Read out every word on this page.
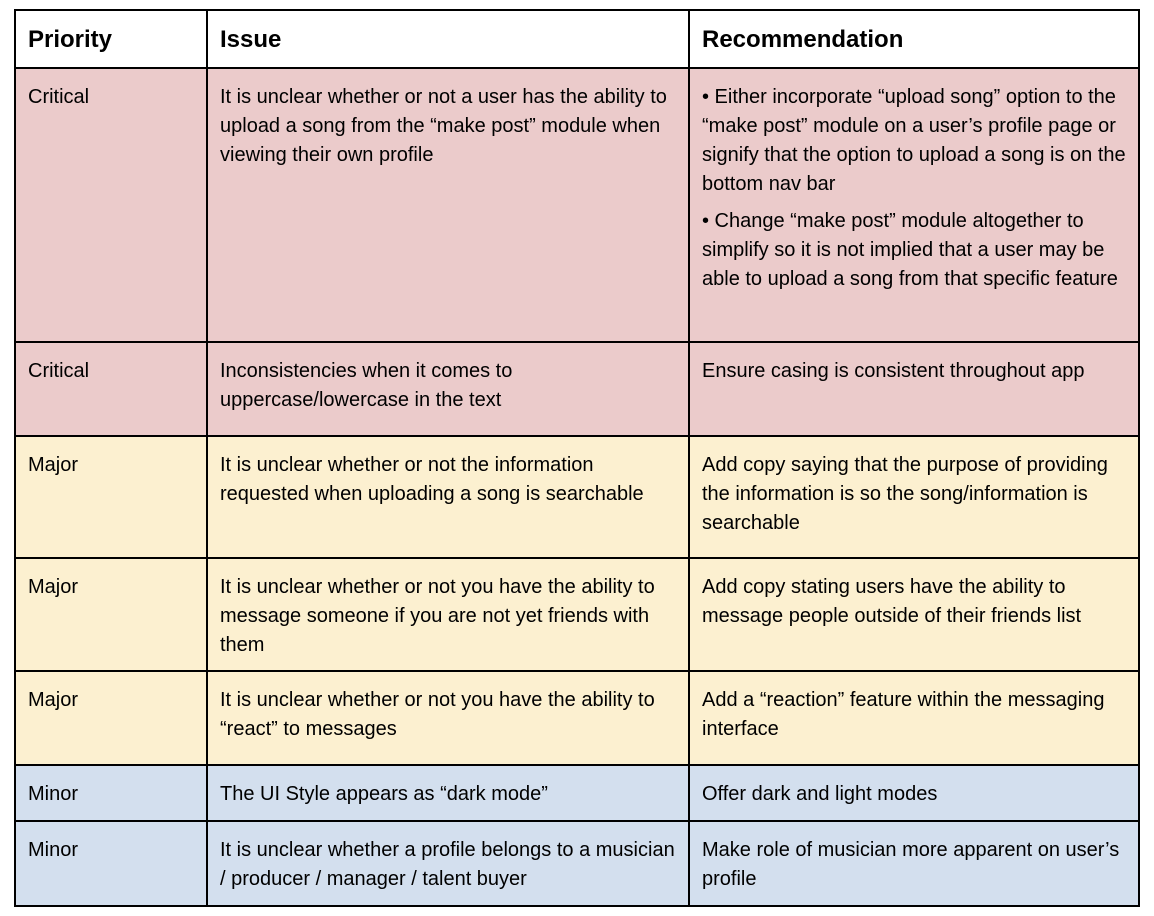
Priority	Issue	Recommendation
Critical	It is unclear whether or not a user has the ability to upload a song from the “make post” module when viewing their own profile	• Either incorporate “upload song” option to the “make post” module on a user’s profile page or signify that the option to upload a song is on the bottom nav bar

• Change “make post” module altogether to simplify so it is not implied that a user may be able to upload a song from that specific feature

Critical	Inconsistencies when it comes to uppercase/lowercase in the text	Ensure casing is consistent throughout app

Major	It is unclear whether or not the information requested when uploading a song is searchable	Add copy saying that the purpose of providing the information is so the song/information is searchable

Major	It is unclear whether or not you have the ability to message someone if you are not yet friends with them	Add copy stating users have the ability to message people outside of their friends list

Major	It is unclear whether or not you have the ability to “react” to messages	Add a “reaction” feature within the messaging interface

Minor	The UI Style appears as “dark mode”	Offer dark and light modes

Minor	It is unclear whether a profile belongs to a musician / producer / manager / talent buyer	Make role of musician more apparent on user’s profile
